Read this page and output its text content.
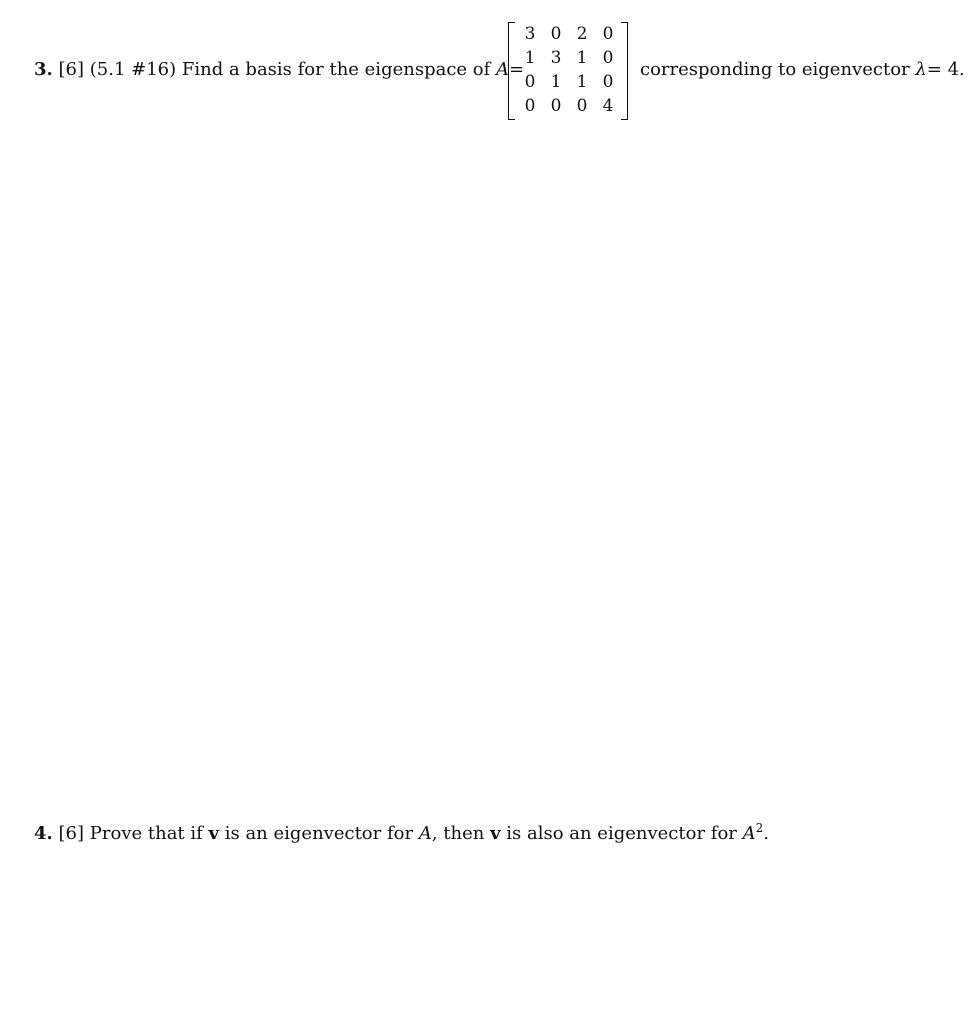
3. [6] (5.1 #16) Find a basis for the eigenspace of A=
3 0 2 0
1 3 1 0
0 1 1 0
0 0 0 4
corresponding to eigenvector λ= 4.
4. [6] Prove that if v is an eigenvector for A, then v is also an eigenvector for $A^2$.
